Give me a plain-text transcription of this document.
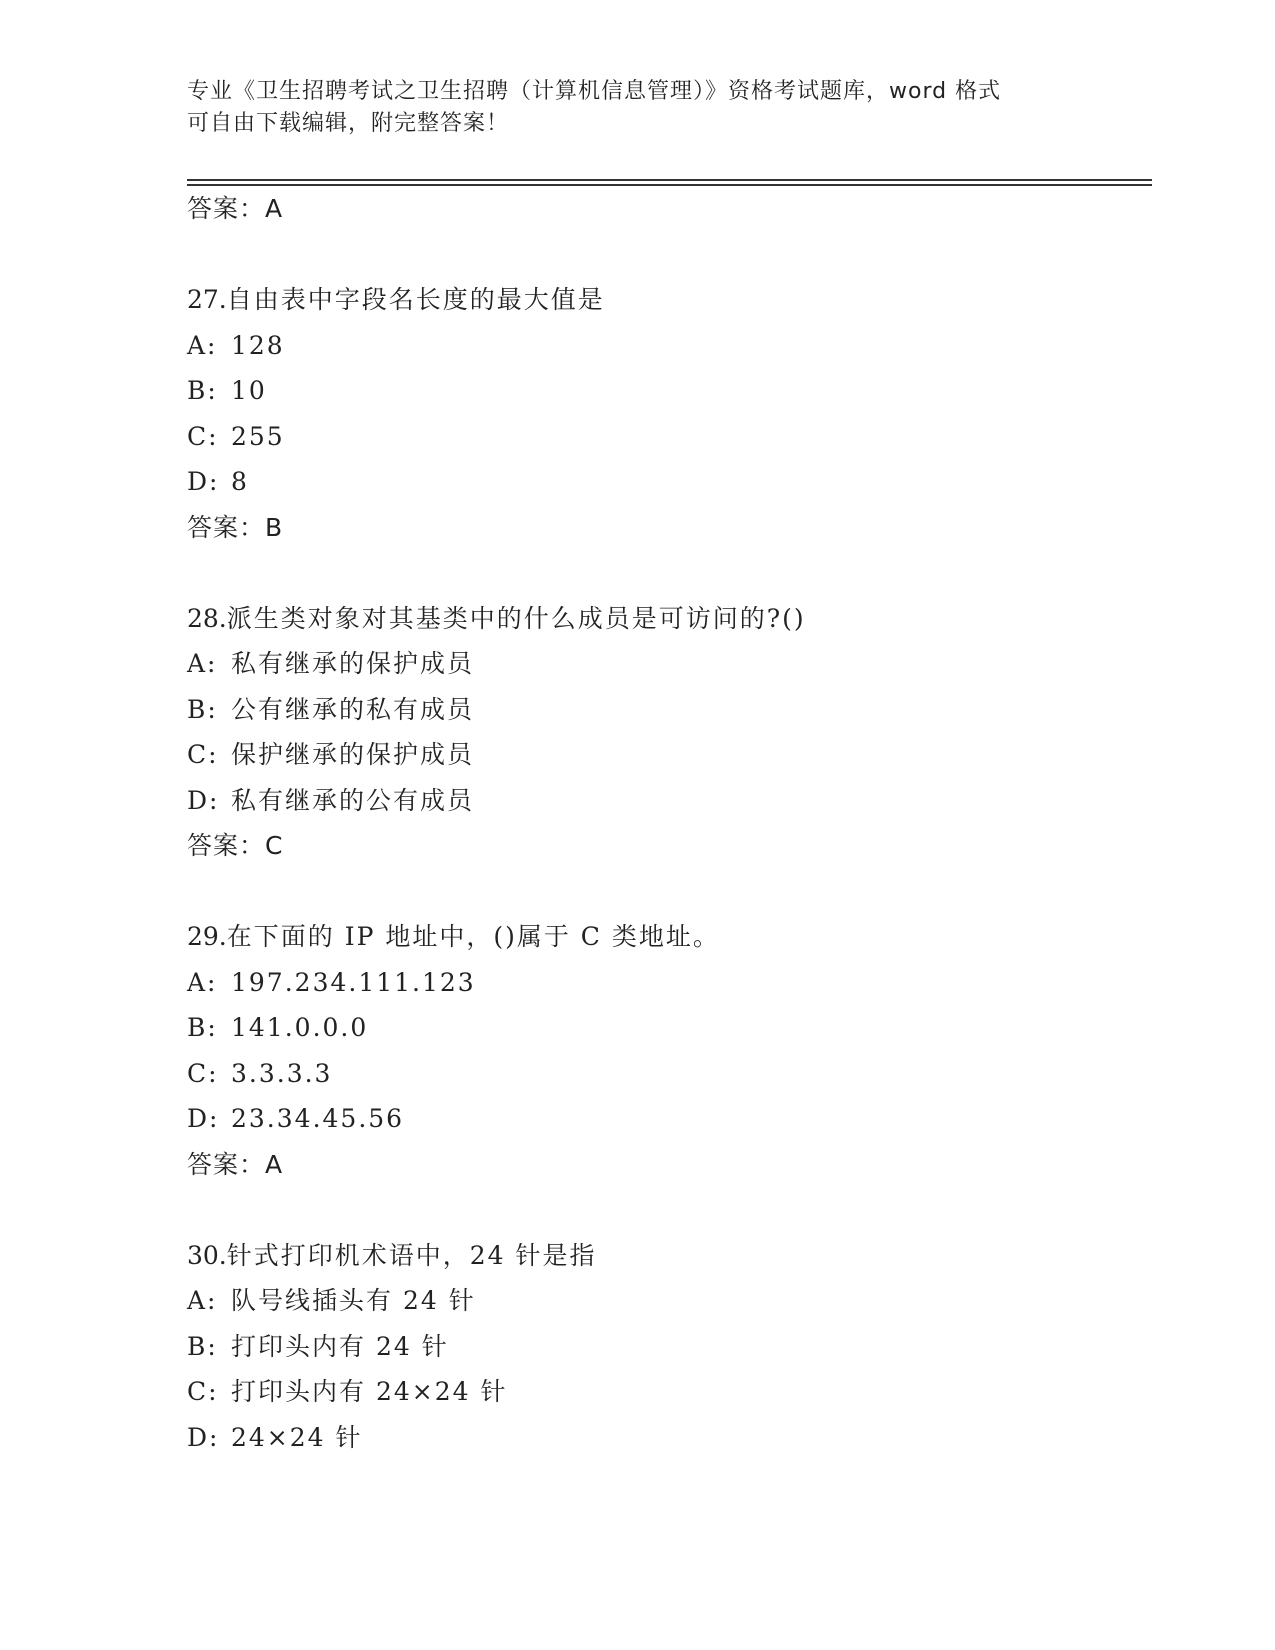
专业《卫生招聘考试之卫生招聘（计算机信息管理）》资格考试题库，word 格式
可自由下载编辑，附完整答案！
答案：A
27.自由表中字段名长度的最大值是
A: 128
B: 10
C: 255
D: 8
答案：B
28.派生类对象对其基类中的什么成员是可访问的?()
A: 私有继承的保护成员
B: 公有继承的私有成员
C: 保护继承的保护成员
D: 私有继承的公有成员
答案：C
29.在下面的 IP 地址中，()属于 C 类地址。
A: 197.234.111.123
B: 141.0.0.0
C: 3.3.3.3
D: 23.34.45.56
答案：A
30.针式打印机术语中，24 针是指
A: 队号线插头有 24 针
B: 打印头内有 24 针
C: 打印头内有 24×24 针
D: 24×24 针
